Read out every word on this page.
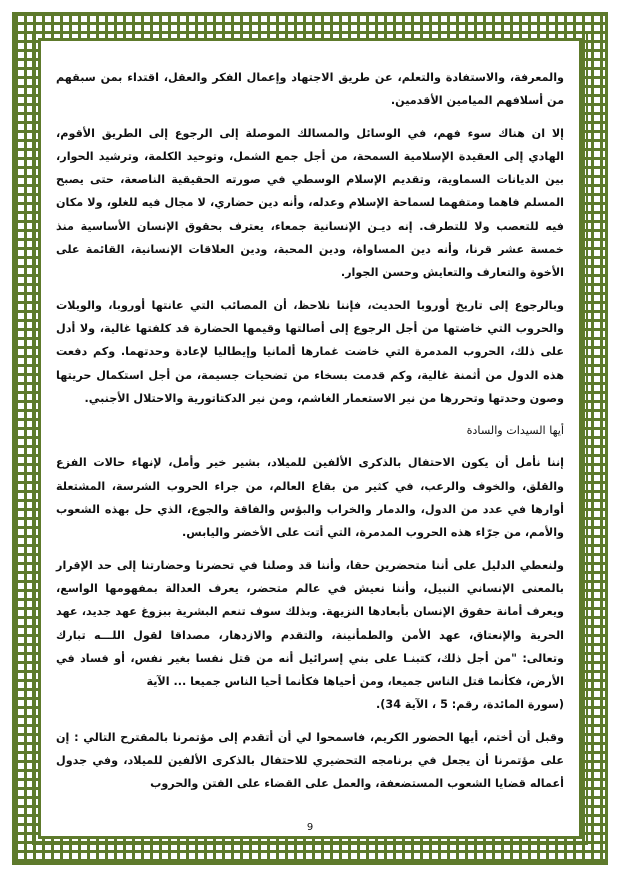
والمعرفة، والاستفادة والتعلم، عن طريق الاجتهاد وإعمال الفكر والعقل، اقتداء بمن سبقهم من أسلافهم الميامين الأقدمين.

إلا ان هناك سوء فهم، في الوسائل والمسالك الموصلة إلى الرجوع إلى الطريق الأقوم، الهادي إلى العقيدة الإسلامية السمحة، من أجل جمع الشمل، وتوحيد الكلمة، وترشيد الحوار، بين الديانات السماوية، وتقديم الإسلام الوسطي في صورته الحقيقية الناصعة، حتى يصبح المسلم فاهما ومتفهما لسماحة الإسلام وعدله، وأنه دين حضاري، لا مجال فيه للغلو، ولا مكان فيه للتعصب ولا للتطرف. إنه ديـن الإنسانية جمعاء، يعترف بحقوق الإنسان الأساسية منذ خمسة عشر قرنا، وأنه دين المساواة، ودين المحبة، ودين العلاقات الإنسانية، القائمة على الأخوة والتعارف والتعايش وحسن الجوار.

وبالرجوع إلى تاريخ أوروبا الحديث، فإننا نلاحظ، أن المصائب التي عانتها أوروبا، والويلات والحروب التي خاضتها من أجل الرجوع إلى أصالتها وقيمها الحضارة قد كلفتها غالية، ولا أدل على ذلك، الحروب المدمرة التي خاضت غمارها ألمانيا وإيطاليا لإعادة وحدتهما. وكم دفعت هذه الدول من أثمنة غالية، وكم قدمت بسخاء من تضحيات جسيمة، من أجل استكمال حريتها وصون وحدتها وتحررها من نير الاستعمار الغاشم، ومن نير الدكتاتورية والاحتلال الأجنبي.

أيها السيدات والسادة

إننا نأمل أن يكون الاحتفال بالذكرى الألفين للميلاد، بشير خير وأمل، لإنهاء حالات الفزع والقلق، والخوف والرعب، في كثير من بقاع العالم، من جراء الحروب الشرسة، المشتعلة أوارها في عدد من الدول، والدمار والخراب والبؤس والفاقة والجوع، الذي حل بهذه الشعوب والأمم، من جرّاء هذه الحروب المدمرة، التي أتت على الأخضر واليابس.

ولنعطي الدليل على أننا متحضرين حقا، وأننا قد وصلنا في تحضرنا وحضارتنا إلى حد الإقرار بالمعنى الإنساني النبيل، وأننا نعيش في عالم متحضر، يعرف العدالة بمفهومها الواسع، ويعرف أمانة حقوق الإنسان بأبعادها النزيهة. وبذلك سوف تنعم البشرية ببزوغ عهد جديد، عهد الحرية والإنعتاق، عهد الأمن والطمأنينة، والتقدم والازدهار، مصداقا لقول اللـــه تبارك وتعالى: "من أجل ذلك، كتبنـا على بني إسرائيل أنه من قتل نفسا بغير نفس، أو فساد في الأرض، فكأنما قتل الناس جميعا، ومن أحياها فكأنما أحيا الناس جميعا ... الآية

(سورة المائدة، رقم: 5 ، الآية 34).

وقبل أن أختم، أيها الحضور الكريم، فاسمحوا لي أن أتقدم إلى مؤتمرنا بالمقترح التالي : إن على مؤتمرنا أن يجعل في برنامجه التحضيري للاحتفال بالذكرى الألفين للميلاد، وفي جدول أعماله قضايا الشعوب المستضعفة، والعمل على القضاء على الفتن والحروب

9
